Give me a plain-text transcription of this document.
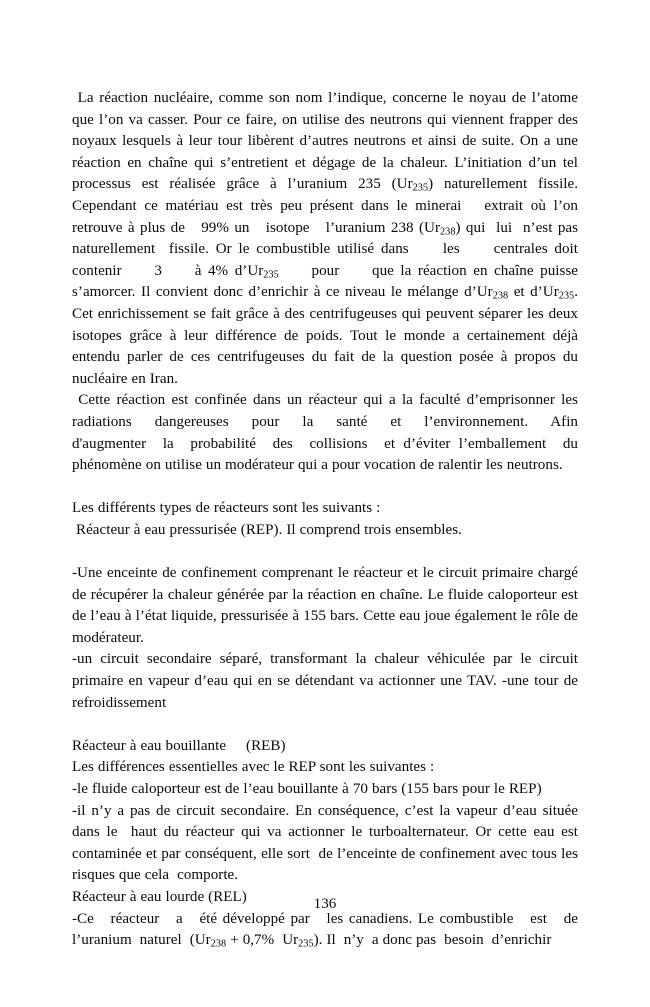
La réaction nucléaire, comme son nom l’indique, concerne le noyau de l’atome que l’on va casser. Pour ce faire, on utilise des neutrons qui viennent frapper des noyaux lesquels à leur tour libèrent d’autres neutrons et ainsi de suite. On a une réaction en chaîne qui s’entretient et dégage de la chaleur. L’initiation d’un tel processus est réalisée grâce à l’uranium 235 $(Ur_{235})$ naturellement fissile. Cependant ce matériau est très peu présent dans le minerai   extrait où l’on retrouve à plus de   99% un   isotope   l’uranium 238 $(Ur_{238})$ qui  lui  n’est pas  naturellement  fissile. Or le combustible utilisé dans     les     centrales doit     contenir     3     à 4% $d’Ur_{235}$     pour     que la réaction en chaîne puisse  s’amorcer. Il convient donc d’enrichir à ce niveau le mélange $d’Ur_{238}$ et $d’Ur_{235}$. Cet enrichissement se fait grâce à des centrifugeuses qui peuvent séparer les deux isotopes grâce à leur différence de poids. Tout le monde a certainement déjà entendu parler de ces centrifugeuses du fait de la question posée à propos du nucléaire en Iran.

Cette réaction est confinée dans un réacteur qui a la faculté d’emprisonner les radiations   dangereuses   pour   la   santé   et   l’environnement.   Afin d'augmenter  la  probabilité  des  collisions  et d’éviter l’emballement  du phénomène on utilise un modérateur qui a pour vocation de ralentir les neutrons.

Les différents types de réacteurs sont les suivants :

Réacteur à eau pressurisée (REP). Il comprend trois ensembles.

-Une enceinte de confinement comprenant le réacteur et le circuit primaire chargé de récupérer la chaleur générée par la réaction en chaîne. Le fluide caloporteur est de l’eau à l’état liquide, pressurisée à 155 bars. Cette eau joue également le rôle de modérateur.

-un circuit secondaire séparé, transformant la chaleur véhiculée par le circuit primaire en vapeur d’eau qui en se détendant va actionner une TAV. -une tour de refroidissement

Réacteur à eau bouillante     (REB)

Les différences essentielles avec le REP sont les suivantes :

-le fluide caloporteur est de l’eau bouillante à 70 bars (155 bars pour le REP)

-il n’y a pas de circuit secondaire. En conséquence, c’est la vapeur d’eau située dans le  haut du réacteur qui va actionner le turboalternateur. Or cette eau est contaminée et par conséquent, elle sort  de l’enceinte de confinement avec tous les risques que cela  comporte.

Réacteur à eau lourde (REL)

-Ce   réacteur   a   été développé par   les canadiens. Le combustible   est   de l’uranium  naturel  ($Ur_{238} + 0,7\%$  $Ur_{235}$). Il  n’y  a donc pas  besoin  d’enrichir

136
